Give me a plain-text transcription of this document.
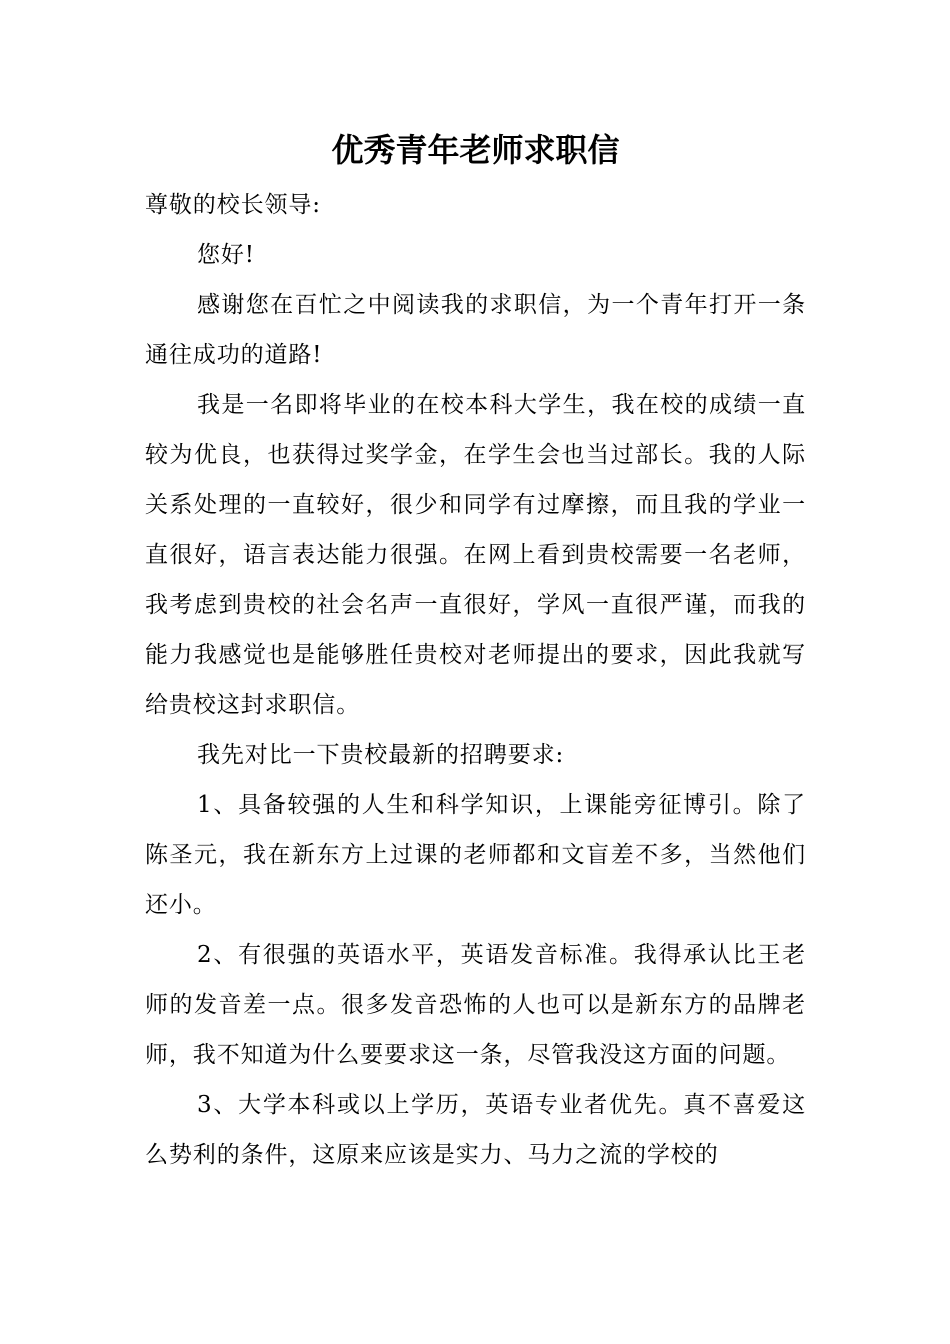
优秀青年老师求职信

尊敬的校长领导:

您好!

感谢您在百忙之中阅读我的求职信，为一个青年打开一条通往成功的道路!

我是一名即将毕业的在校本科大学生，我在校的成绩一直较为优良，也获得过奖学金，在学生会也当过部长。我的人际关系处理的一直较好，很少和同学有过摩擦，而且我的学业一直很好，语言表达能力很强。在网上看到贵校需要一名老师，我考虑到贵校的社会名声一直很好，学风一直很严谨，而我的能力我感觉也是能够胜任贵校对老师提出的要求，因此我就写给贵校这封求职信。

我先对比一下贵校最新的招聘要求:

1、具备较强的人生和科学知识，上课能旁征博引。除了陈圣元，我在新东方上过课的老师都和文盲差不多，当然他们还小。

2、有很强的英语水平，英语发音标准。我得承认比王老师的发音差一点。很多发音恐怖的人也可以是新东方的品牌老师，我不知道为什么要要求这一条，尽管我没这方面的问题。

3、大学本科或以上学历，英语专业者优先。真不喜爱这么势利的条件，这原来应该是实力、马力之流的学校的
